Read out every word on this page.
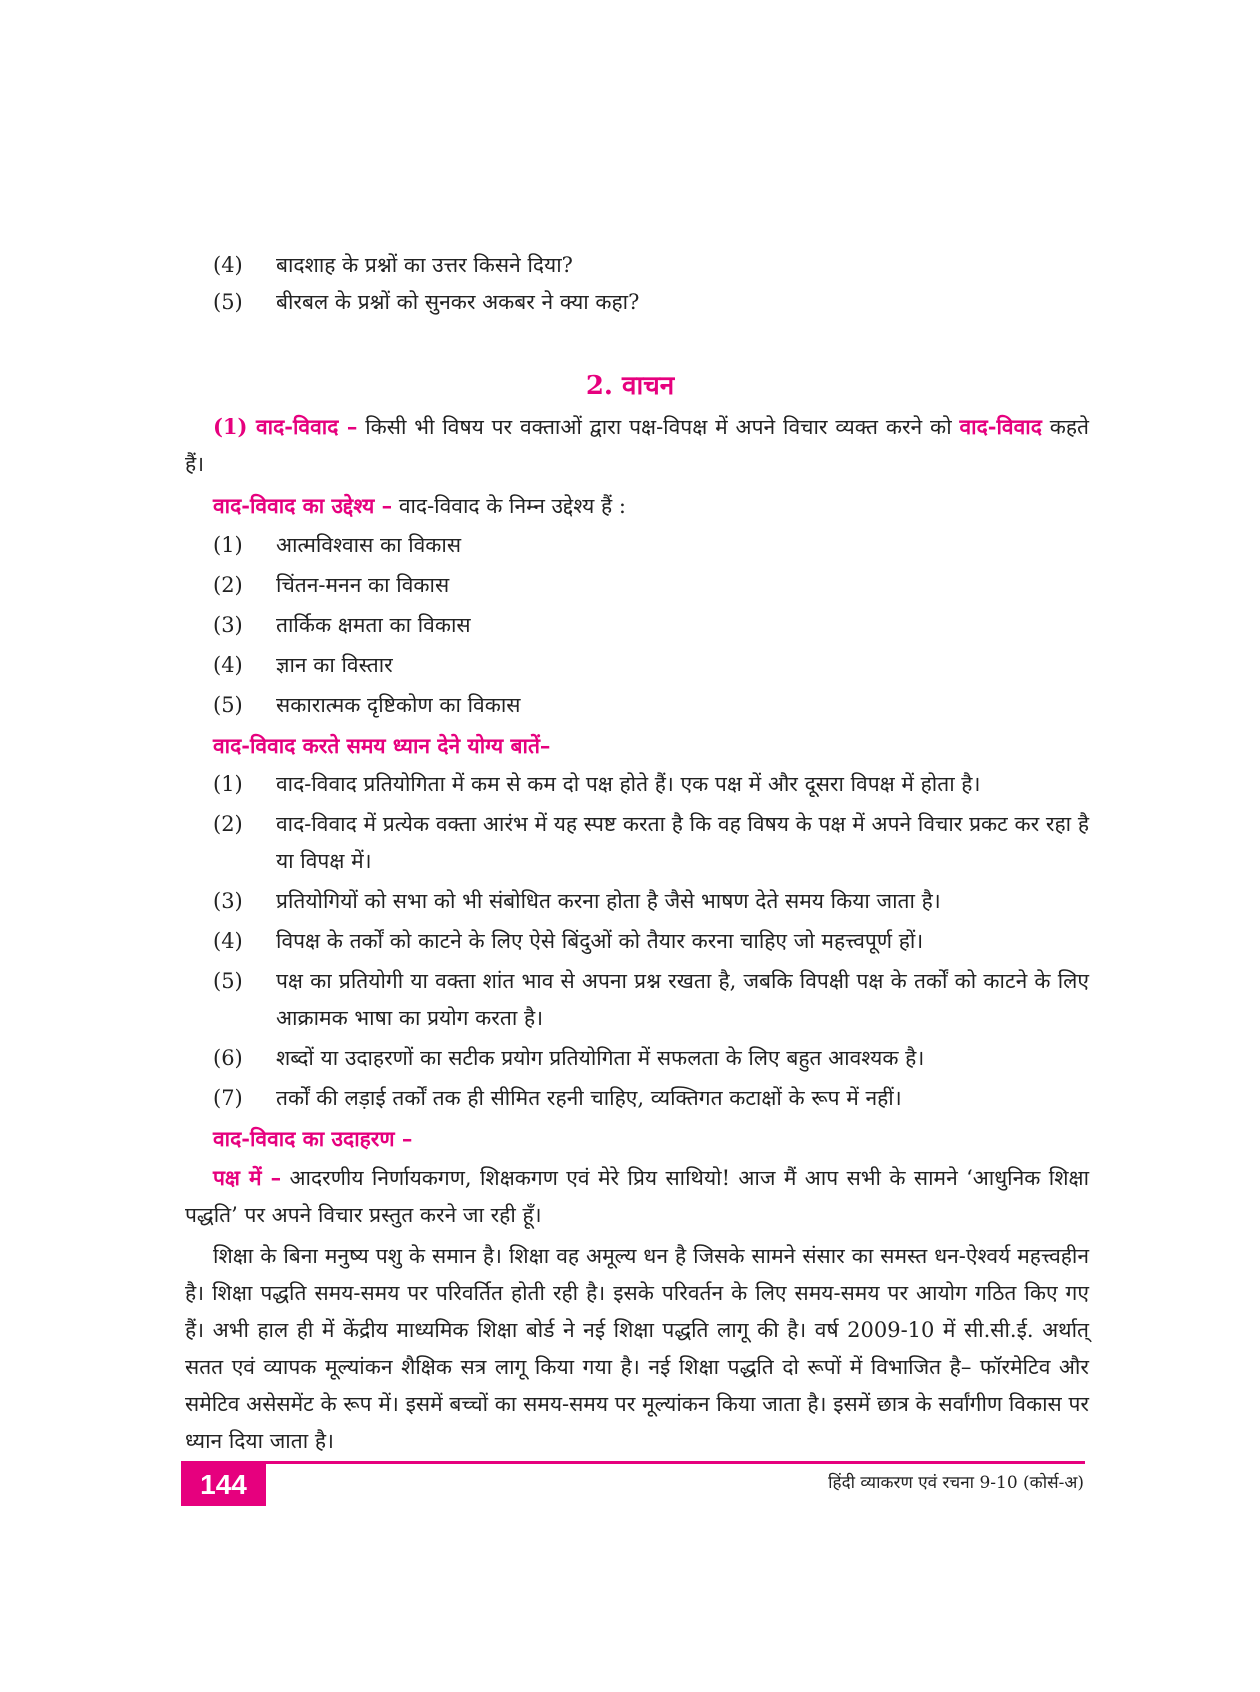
(4)	बादशाह के प्रश्नों का उत्तर किसने दिया?
(5)	बीरबल के प्रश्नों को सुनकर अकबर ने क्या कहा?
2. वाचन

(1) वाद-विवाद – किसी भी विषय पर वक्ताओं द्वारा पक्ष-विपक्ष में अपने विचार व्यक्त करने को वाद-विवाद कहते हैं।

वाद-विवाद का उद्देश्य – वाद-विवाद के निम्न उद्देश्य हैं :
(1)	आत्मविश्वास का विकास
(2)	चिंतन-मनन का विकास
(3)	तार्किक क्षमता का विकास
(4)	ज्ञान का विस्तार
(5)	सकारात्मक दृष्टिकोण का विकास
वाद-विवाद करते समय ध्यान देने योग्य बातें–
(1)	वाद-विवाद प्रतियोगिता में कम से कम दो पक्ष होते हैं। एक पक्ष में और दूसरा विपक्ष में होता है।
(2)	वाद-विवाद में प्रत्येक वक्ता आरंभ में यह स्पष्ट करता है कि वह विषय के पक्ष में अपने विचार प्रकट कर रहा है या विपक्ष में।
(3)	प्रतियोगियों को सभा को भी संबोधित करना होता है जैसे भाषण देते समय किया जाता है।
(4)	विपक्ष के तर्कों को काटने के लिए ऐसे बिंदुओं को तैयार करना चाहिए जो महत्त्वपूर्ण हों।
(5)	पक्ष का प्रतियोगी या वक्ता शांत भाव से अपना प्रश्न रखता है, जबकि विपक्षी पक्ष के तर्कों को काटने के लिए आक्रामक भाषा का प्रयोग करता है।
(6)	शब्दों या उदाहरणों का सटीक प्रयोग प्रतियोगिता में सफलता के लिए बहुत आवश्यक है।
(7)	तर्कों की लड़ाई तर्कों तक ही सीमित रहनी चाहिए, व्यक्तिगत कटाक्षों के रूप में नहीं।
वाद-विवाद का उदाहरण –

पक्ष में – आदरणीय निर्णायकगण, शिक्षकगण एवं मेरे प्रिय साथियो! आज मैं आप सभी के सामने ‘आधुनिक शिक्षा पद्धति’ पर अपने विचार प्रस्तुत करने जा रही हूँ।

शिक्षा के बिना मनुष्य पशु के समान है। शिक्षा वह अमूल्य धन है जिसके सामने संसार का समस्त धन-ऐश्वर्य महत्त्वहीन है। शिक्षा पद्धति समय-समय पर परिवर्तित होती रही है। इसके परिवर्तन के लिए समय-समय पर आयोग गठित किए गए हैं। अभी हाल ही में केंद्रीय माध्यमिक शिक्षा बोर्ड ने नई शिक्षा पद्धति लागू की है। वर्ष 2009-10 में सी.सी.ई. अर्थात् सतत एवं व्यापक मूल्यांकन शैक्षिक सत्र लागू किया गया है। नई शिक्षा पद्धति दो रूपों में विभाजित है– फॉरमेटिव और समेटिव असेसमेंट के रूप में। इसमें बच्चों का समय-समय पर मूल्यांकन किया जाता है। इसमें छात्र के सर्वांगीण विकास पर ध्यान दिया जाता है।

144	हिंदी व्याकरण एवं रचना 9-10 (कोर्स-अ)
